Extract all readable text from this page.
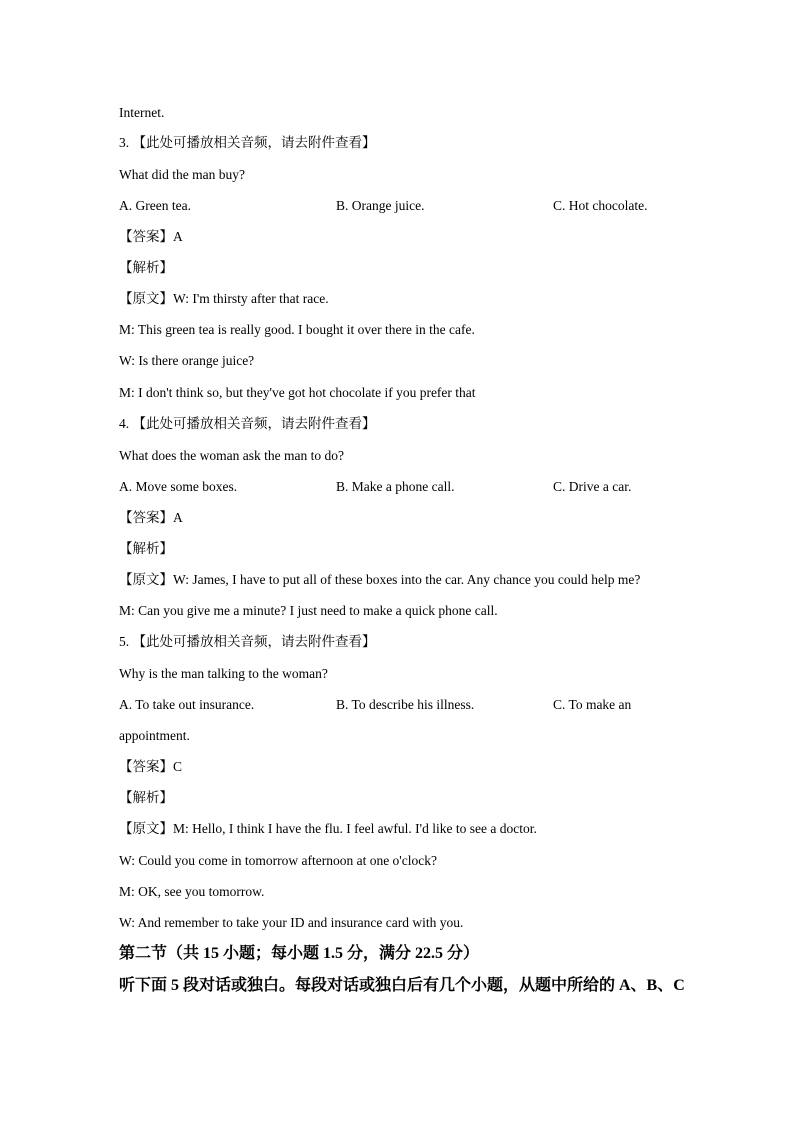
Internet.
3. 【此处可播放相关音频，请去附件查看】
What did the man buy?
A. Green tea.	B. Orange juice.	C. Hot chocolate.
【答案】A
【解析】
【原文】W: I'm thirsty after that race.
M: This green tea is really good. I bought it over there in the cafe.
W: Is there orange juice?
M: I don't think so, but they've got hot chocolate if you prefer that
4. 【此处可播放相关音频，请去附件查看】
What does the woman ask the man to do?
A. Move some boxes.	B. Make a phone call.	C. Drive a car.
【答案】A
【解析】
【原文】W: James, I have to put all of these boxes into the car. Any chance you could help me?
M: Can you give me a minute? I just need to make a quick phone call.
5. 【此处可播放相关音频，请去附件查看】
Why is the man talking to the woman?
A. To take out insurance.	B. To describe his illness.	C. To make an
appointment.
【答案】C
【解析】
【原文】M: Hello, I think I have the flu. I feel awful. I'd like to see a doctor.
W: Could you come in tomorrow afternoon at one o'clock?
M: OK, see you tomorrow.
W: And remember to take your ID and insurance card with you.
第二节（共 15 小题；每小题 1.5 分，满分 22.5 分）
听下面 5 段对话或独白。每段对话或独白后有几个小题，从题中所给的 A、B、C
